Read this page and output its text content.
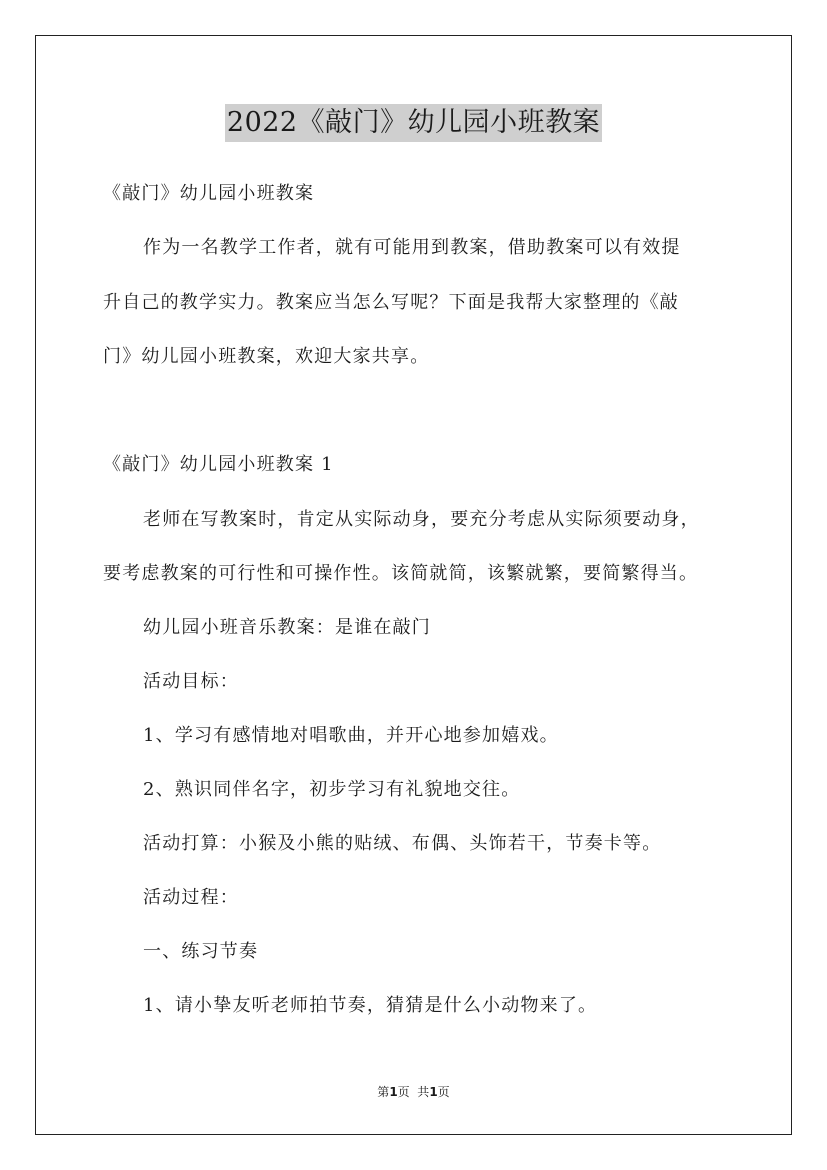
2022《敲门》幼儿园小班教案
《敲门》幼儿园小班教案
作为一名教学工作者，就有可能用到教案，借助教案可以有效提
升自己的教学实力。教案应当怎么写呢？下面是我帮大家整理的《敲
门》幼儿园小班教案，欢迎大家共享。
《敲门》幼儿园小班教案 1
老师在写教案时，肯定从实际动身，要充分考虑从实际须要动身，
要考虑教案的可行性和可操作性。该简就简，该繁就繁，要简繁得当。
幼儿园小班音乐教案：是谁在敲门
活动目标：
1、学习有感情地对唱歌曲，并开心地参加嬉戏。
2、熟识同伴名字，初步学习有礼貌地交往。
活动打算：小猴及小熊的贴绒、布偶、头饰若干，节奏卡等。
活动过程：
一、练习节奏
1、请小挚友听老师拍节奏，猜猜是什么小动物来了。
第1页  共1页
